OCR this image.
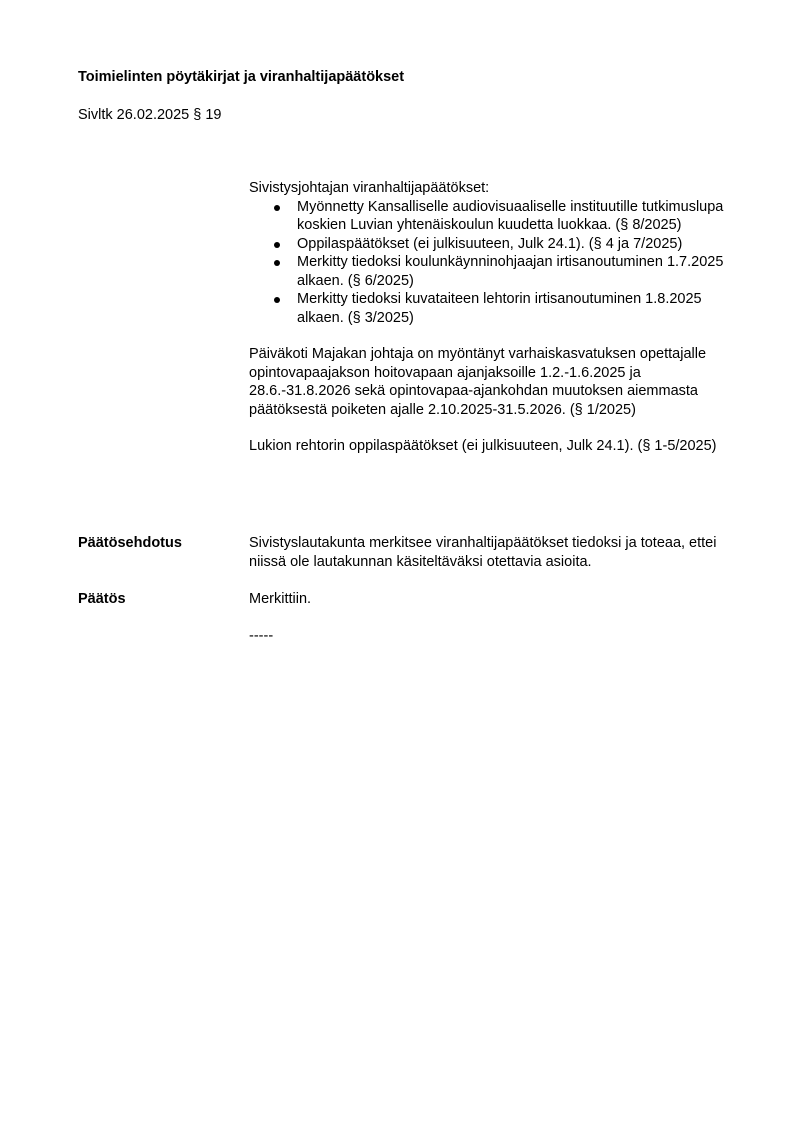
Toimielinten pöytäkirjat ja viranhaltijapäätökset

Sivltk 26.02.2025 § 19

Sivistysjohtajan viranhaltijapäätökset:

Myönnetty Kansalliselle audiovisuaaliselle instituutille tutkimuslupa koskien Luvian yhtenäiskoulun kuudetta luokkaa. (§ 8/2025)
Oppilaspäätökset (ei julkisuuteen, Julk 24.1). (§ 4 ja 7/2025)
Merkitty tiedoksi koulunkäynninohjaajan irtisanoutuminen 1.7.2025 alkaen. (§ 6/2025)
Merkitty tiedoksi kuvataiteen lehtorin irtisanoutuminen 1.8.2025 alkaen. (§ 3/2025)

Päiväkoti Majakan johtaja on myöntänyt varhaiskasvatuksen opettajalle opintovapaajakson hoitovapaan ajanjaksoille 1.2.-1.6.2025 ja 28.6.-31.8.2026 sekä opintovapaa-ajankohdan muutoksen aiemmasta päätöksestä poiketen ajalle 2.10.2025-31.5.2026. (§ 1/2025)

Lukion rehtorin oppilaspäätökset (ei julkisuuteen, Julk 24.1). (§ 1-5/2025)

Päätösehdotus	Sivistyslautakunta merkitsee viranhaltijapäätökset tiedoksi ja toteaa, ettei niissä ole lautakunnan käsiteltäväksi otettavia asioita.
Päätös	Merkittiin.
-----
